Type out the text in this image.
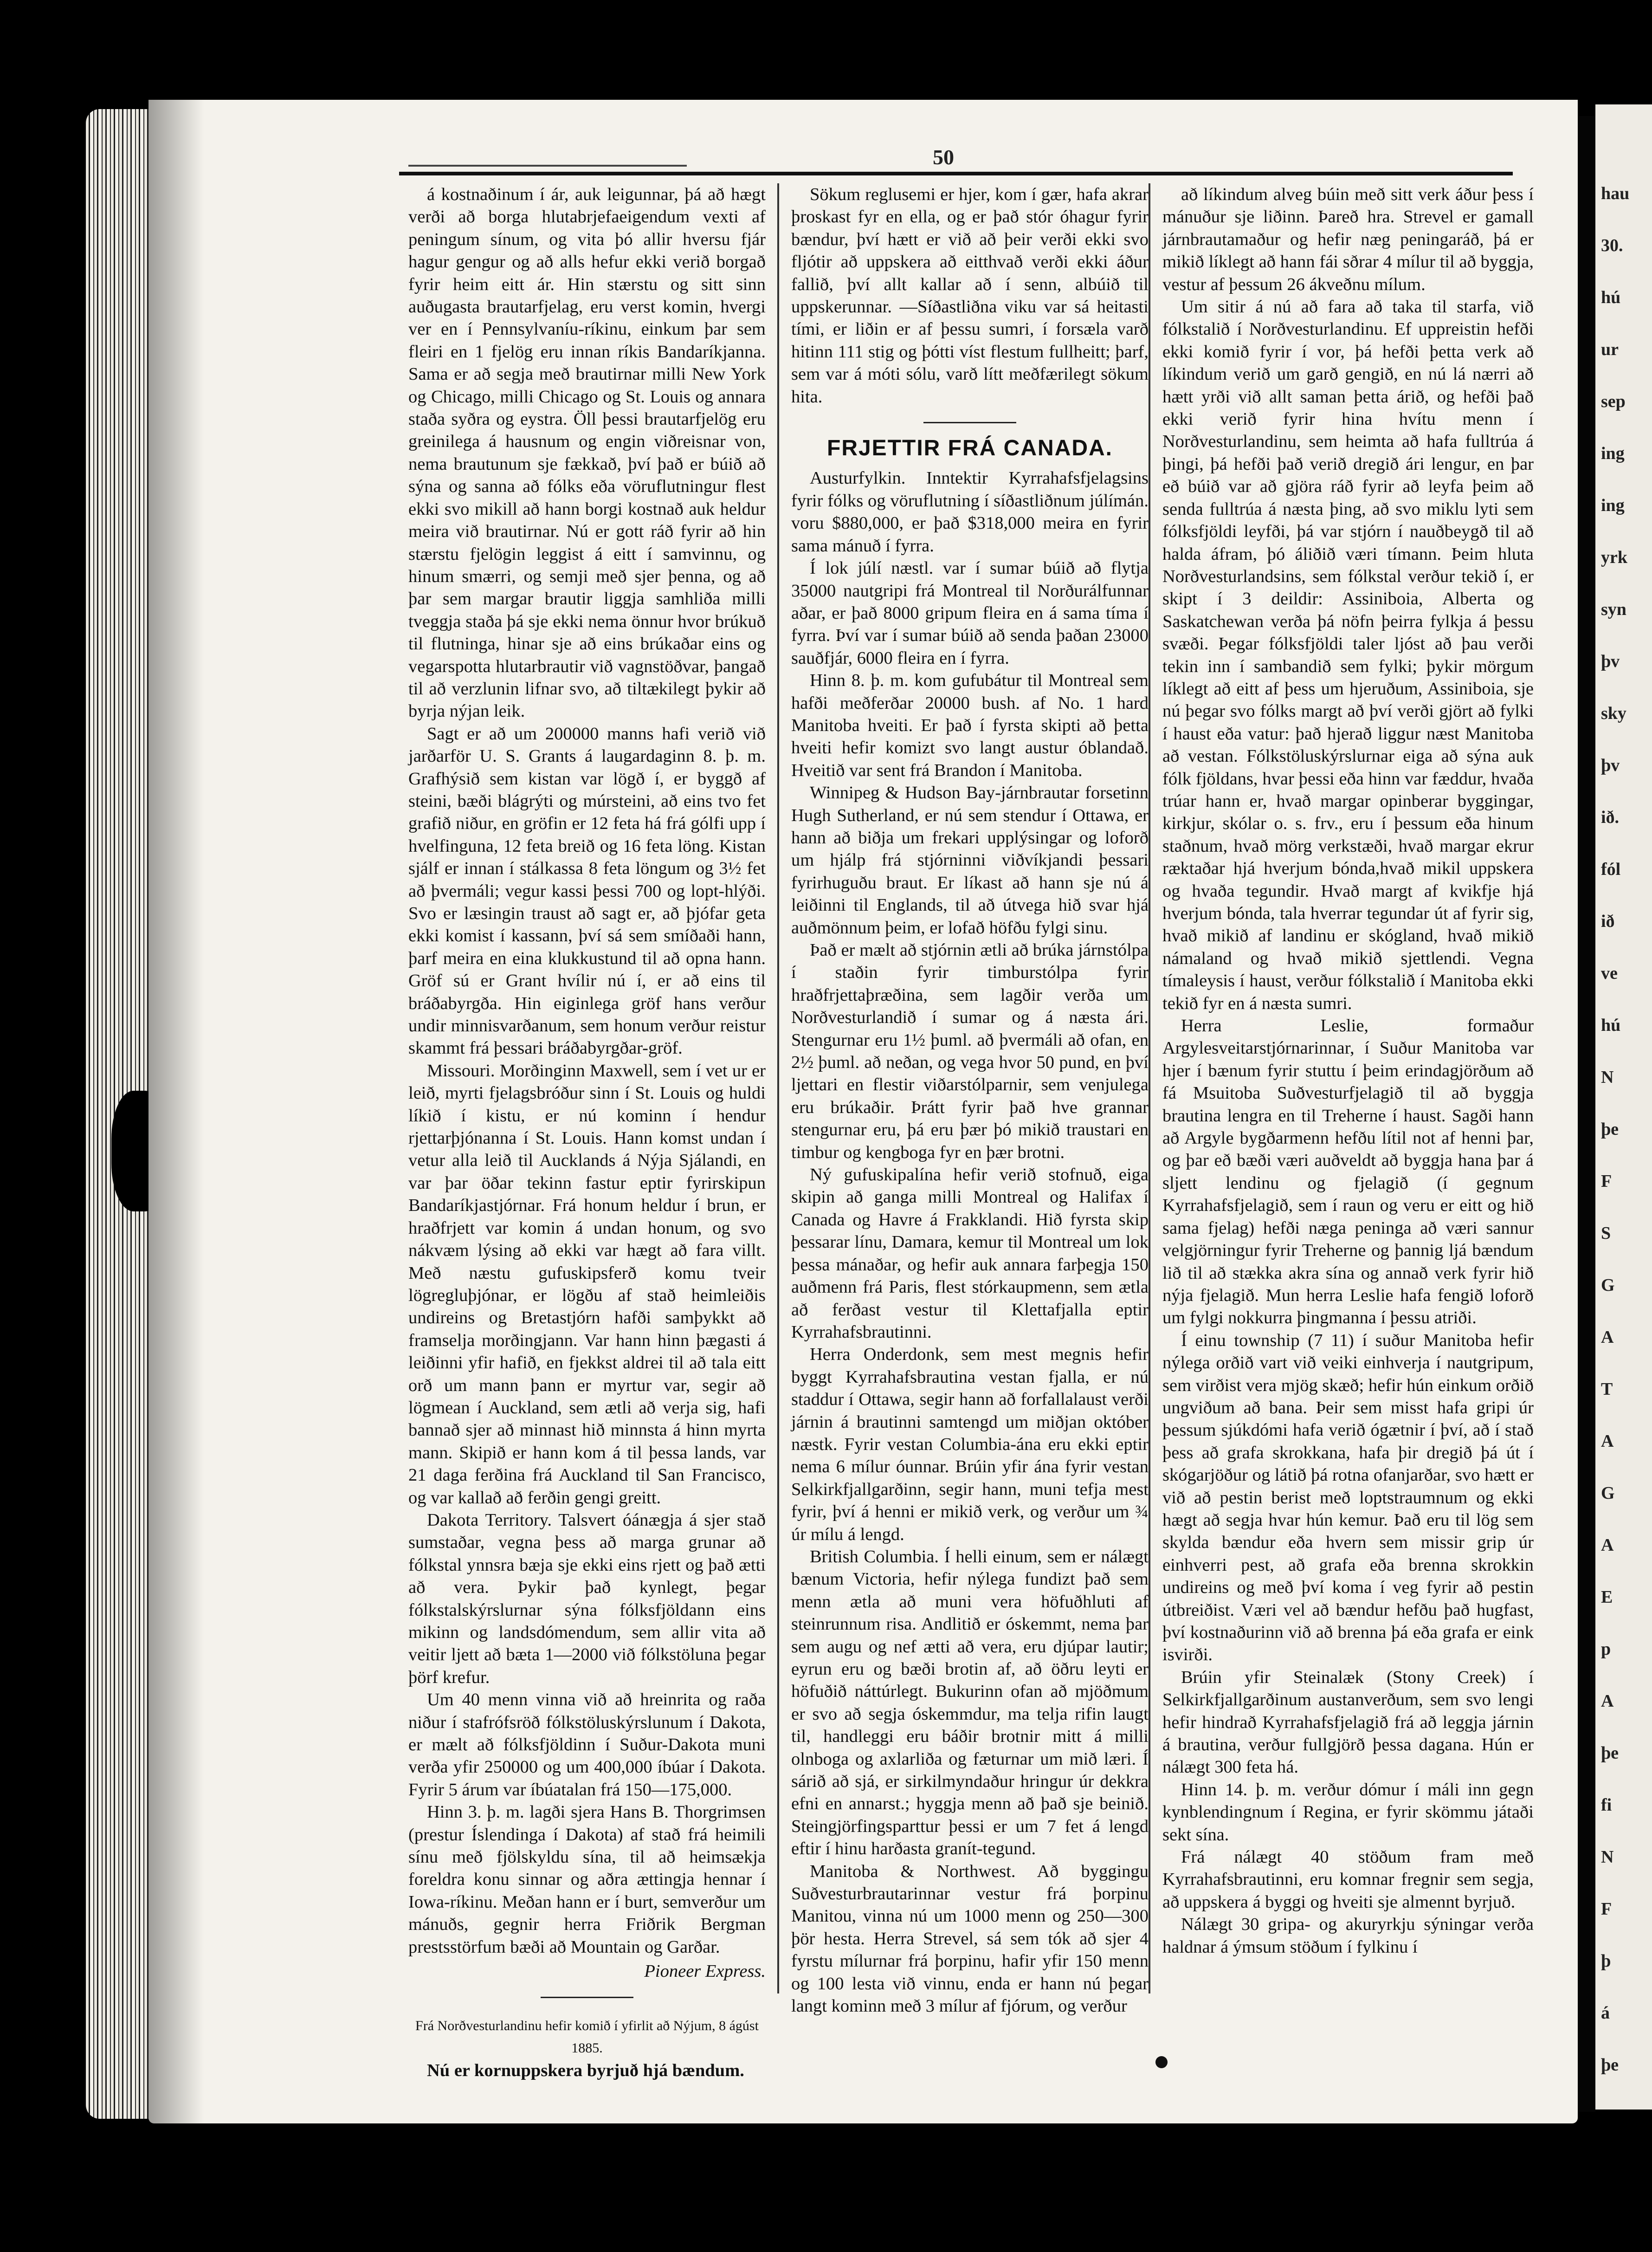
hau
30.
hú
ur
sep
ing
ing
yrk
syn
þv
sky
þv
ið.
fól
ið
ve
hú
N
þe
F
S
G
A
T
A
G
A
E
p
A
þe
fi
N
F
þ
á
þe
50

á kostnaðinum í ár, auk leigunnar, þá að hægt verði að borga hlutabrjefaeigendum vexti af peningum sínum, og vita þó allir hversu fjár hagur gengur og að alls hefur ekki verið borgað fyrir heim eitt ár. Hin stærstu og sitt sinn auðugasta brautarfjelag, eru verst komin, hvergi ver en í Pennsylvaníu-ríkinu, einkum þar sem fleiri en 1 fjelög eru innan ríkis Bandaríkjanna. Sama er að segja með brautirnar milli New York og Chicago, milli Chicago og St. Louis og annara staða syðra og eystra. Öll þessi brautarfjelög eru greinilega á hausnum og engin viðreisnar von, nema brautunum sje fækkað, því það er búið að sýna og sanna að fólks eða vöruflutningur flest ekki svo mikill að hann borgi kostnað auk heldur meira við brautirnar. Nú er gott ráð fyrir að hin stærstu fjelögin leggist á eitt í samvinnu, og hinum smærri, og semji með sjer þenna, og að þar sem margar brautir liggja samhliða milli tveggja staða þá sje ekki nema önnur hvor brúkuð til flutninga, hinar sje að eins brúkaðar eins og vegarspotta hlutarbrautir við vagnstöðvar, þangað til að verzlunin lifnar svo, að tiltækilegt þykir að byrja nýjan leik.

Sagt er að um 200000 manns hafi verið við jarðarför U. S. Grants á laugardaginn 8. þ. m. Grafhýsið sem kistan var lögð í, er byggð af steini, bæði blágrýti og múrsteini, að eins tvo fet grafið niður, en gröfin er 12 feta há frá gólfi upp í hvelfinguna, 12 feta breið og 16 feta löng. Kistan sjálf er innan í stálkassa 8 feta löngum og 3½ fet að þvermáli; vegur kassi þessi 700 og lopt-hlýði. Svo er læsingin traust að sagt er, að þjófar geta ekki komist í kassann, því sá sem smíðaði hann, þarf meira en eina klukkustund til að opna hann. Gröf sú er Grant hvílir nú í, er að eins til bráðabyrgða. Hin eiginlega gröf hans verður undir minnisvarðanum, sem honum verður reistur skammt frá þessari bráðabyrgðar-gröf.

Missouri. Morðinginn Maxwell, sem í vet ur er leið, myrti fjelagsbróður sinn í St. Louis og huldi líkið í kistu, er nú kominn í hendur rjettarþjónanna í St. Louis. Hann komst undan í vetur alla leið til Aucklands á Nýja Sjálandi, en var þar öðar tekinn fastur eptir fyrirskipun Bandaríkjastjórnar. Frá honum heldur í brun, er hraðfrjett var komin á undan honum, og svo nákvæm lýsing að ekki var hægt að fara villt. Með næstu gufuskipsferð komu tveir lögregluþjónar, er lögðu af stað heimleiðis undireins og Bretastjórn hafði samþykkt að framselja morðingjann. Var hann hinn þægasti á leiðinni yfir hafið, en fjekkst aldrei til að tala eitt orð um mann þann er myrtur var, segir að lögmean í Auckland, sem ætli að verja sig, hafi bannað sjer að minnast hið minnsta á hinn myrta mann. Skipið er hann kom á til þessa lands, var 21 daga ferðina frá Auckland til San Francisco, og var kallað að ferðin gengi greitt.

Dakota Territory. Talsvert óánægja á sjer stað sumstaðar, vegna þess að marga grunar að fólkstal ynnsra bæja sje ekki eins rjett og það ætti að vera. Þykir það kynlegt, þegar fólkstalskýrslurnar sýna fólksfjöldann eins mikinn og landsdómendum, sem allir vita að veitir ljett að bæta 1—2000 við fólkstöluna þegar þörf krefur.

Um 40 menn vinna við að hreinrita og raða niður í stafrófsröð fólkstöluskýrslunum í Dakota, er mælt að fólksfjöldinn í Suður-Dakota muni verða yfir 250000 og um 400,000 íbúar í Dakota. Fyrir 5 árum var íbúatalan frá 150—175,000.

Hinn 3. þ. m. lagði sjera Hans B. Thorgrimsen (prestur Íslendinga í Dakota) af stað frá heimili sínu með fjölskyldu sína, til að heimsækja foreldra konu sinnar og aðra ættingja hennar í Iowa-ríkinu. Meðan hann er í burt, semverður um mánuðs, gegnir herra Friðrik Bergman prestsstörfum bæði að Mountain og Garðar.

Pioneer Express.
Frá Norðvesturlandinu hefir komið í yfirlit að Nýjum, 8 ágúst 1885.

Nú er kornuppskera byrjuð hjá bændum.

Sökum reglusemi er hjer, kom í gær, hafa akrar þroskast fyr en ella, og er það stór óhagur fyrir bændur, því hætt er við að þeir verði ekki svo fljótir að uppskera að eitthvað verði ekki áður fallið, því allt kallar að í senn, albúið til uppskerunnar. —Síðastliðna viku var sá heitasti tími, er liðin er af þessu sumri, í forsæla varð hitinn 111 stig og þótti víst flestum fullheitt; þarf, sem var á móti sólu, varð lítt meðfærilegt sökum hita.

FRJETTIR FRÁ CANADA.

Austurfylkin. Inntektir Kyrrahafsfjelagsins fyrir fólks og vöruflutning í síðastliðnum júlímán. voru $880,000, er það $318,000 meira en fyrir sama mánuð í fyrra.

Í lok júlí næstl. var í sumar búið að flytja 35000 nautgripi frá Montreal til Norðurálfunnar aðar, er það 8000 gripum fleira en á sama tíma í fyrra. Því var í sumar búið að senda þaðan 23000 sauðfjár, 6000 fleira en í fyrra.

Hinn 8. þ. m. kom gufubátur til Montreal sem hafði meðferðar 20000 bush. af No. 1 hard Manitoba hveiti. Er það í fyrsta skipti að þetta hveiti hefir komizt svo langt austur óblandað. Hveitið var sent frá Brandon í Manitoba.

Winnipeg & Hudson Bay-járnbrautar forsetinn Hugh Sutherland, er nú sem stendur í Ottawa, er hann að biðja um frekari upplýsingar og loforð um hjálp frá stjórninni viðvíkjandi þessari fyrirhuguðu braut. Er líkast að hann sje nú á leiðinni til Englands, til að útvega hið svar hjá auðmönnum þeim, er lofað höfðu fylgi sinu.

Það er mælt að stjórnin ætli að brúka járnstólpa í staðin fyrir timburstólpa fyrir hraðfrjettaþræðina, sem lagðir verða um Norðvesturlandið í sumar og á næsta ári. Stengurnar eru 1½ þuml. að þvermáli að ofan, en 2½ þuml. að neðan, og vega hvor 50 pund, en því ljettari en flestir viðarstólparnir, sem venjulega eru brúkaðir. Þrátt fyrir það hve grannar stengurnar eru, þá eru þær þó mikið traustari en timbur og kengboga fyr en þær brotni.

Ný gufuskipalína hefir verið stofnuð, eiga skipin að ganga milli Montreal og Halifax í Canada og Havre á Frakklandi. Hið fyrsta skip þessarar línu, Damara, kemur til Montreal um lok þessa mánaðar, og hefir auk annara farþegja 150 auðmenn frá Paris, flest stórkaupmenn, sem ætla að ferðast vestur til Klettafjalla eptir Kyrrahafsbrautinni.

Herra Onderdonk, sem mest megnis hefir byggt Kyrrahafsbrautina vestan fjalla, er nú staddur í Ottawa, segir hann að forfallalaust verði járnin á brautinni samtengd um miðjan október næstk. Fyrir vestan Columbia-ána eru ekki eptir nema 6 mílur óunnar. Brúin yfir ána fyrir vestan Selkirkfjallgarðinn, segir hann, muni tefja mest fyrir, því á henni er mikið verk, og verður um ¾ úr mílu á lengd.

British Columbia. Í helli einum, sem er nálægt bænum Victoria, hefir nýlega fundizt það sem menn ætla að muni vera höfuðhluti af steinrunnum risa. Andlitið er óskemmt, nema þar sem augu og nef ætti að vera, eru djúpar lautir; eyrun eru og bæði brotin af, að öðru leyti er höfuðið náttúrlegt. Bukurinn ofan að mjöðmum er svo að segja óskemmdur, ma telja rifin laugt til, handleggi eru báðir brotnir mitt á milli olnboga og axlarliða og fæturnar um mið læri. Í sárið að sjá, er sirkilmyndaður hringur úr dekkra efni en annarst.; hyggja menn að það sje beinið. Steingjörfingsparttur þessi er um 7 fet á lengd eftir í hinu harðasta granít-tegund.

Manitoba & Northwest. Að byggingu Suðvesturbrautarinnar vestur frá þorpinu Manitou, vinna nú um 1000 menn og 250—300 þör hesta. Herra Strevel, sá sem tók að sjer 4 fyrstu mílurnar frá þorpinu, hafir yfir 150 menn og 100 lesta við vinnu, enda er hann nú þegar langt kominn með 3 mílur af fjórum, og verður

að líkindum alveg búin með sitt verk áður þess í mánuður sje liðinn. Þareð hra. Strevel er gamall járnbrautamaður og hefir næg peningaráð, þá er mikið líklegt að hann fái sðrar 4 mílur til að byggja, vestur af þessum 26 ákveðnu mílum.

Um sitir á nú að fara að taka til starfa, við fólkstalið í Norðvesturlandinu. Ef uppreistin hefði ekki komið fyrir í vor, þá hefði þetta verk að líkindum verið um garð gengið, en nú lá nærri að hætt yrði við allt saman þetta árið, og hefði það ekki verið fyrir hina hvítu menn í Norðvesturlandinu, sem heimta að hafa fulltrúa á þingi, þá hefði það verið dregið ári lengur, en þar eð búið var að gjöra ráð fyrir að leyfa þeim að senda fulltrúa á næsta þing, að svo miklu lyti sem fólksfjöldi leyfði, þá var stjórn í nauðbeygð til að halda áfram, þó áliðið væri tímann. Þeim hluta Norðvesturlandsins, sem fólkstal verður tekið í, er skipt í 3 deildir: Assiniboia, Alberta og Saskatchewan verða þá nöfn þeirra fylkja á þessu svæði. Þegar fólksfjöldi taler ljóst að þau verði tekin inn í sambandið sem fylki; þykir mörgum líklegt að eitt af þess um hjeruðum, Assiniboia, sje nú þegar svo fólks margt að því verði gjört að fylki í haust eða vatur: það hjerað liggur næst Manitoba að vestan. Fólkstöluskýrslurnar eiga að sýna auk fólk fjöldans, hvar þessi eða hinn var fæddur, hvaða trúar hann er, hvað margar opinberar byggingar, kirkjur, skólar o. s. frv., eru í þessum eða hinum staðnum, hvað mörg verkstæði, hvað margar ekrur ræktaðar hjá hverjum bónda,hvað mikil uppskera og hvaða tegundir. Hvað margt af kvikfje hjá hverjum bónda, tala hverrar tegundar út af fyrir sig, hvað mikið af landinu er skógland, hvað mikið námaland og hvað mikið sjettlendi. Vegna tímaleysis í haust, verður fólkstalið í Manitoba ekki tekið fyr en á næsta sumri.

Herra Leslie, formaður Argylesveitarstjórnarinnar, í Suður Manitoba var hjer í bænum fyrir stuttu í þeim erindagjörðum að fá Msuitoba Suðvesturfjelagið til að byggja brautina lengra en til Treherne í haust. Sagði hann að Argyle bygðarmenn hefðu lítil not af henni þar, og þar eð bæði væri auðveldt að byggja hana þar á sljett lendinu og fjelagið (í gegnum Kyrrahafsfjelagið, sem í raun og veru er eitt og hið sama fjelag) hefði næga peninga að væri sannur velgjörningur fyrir Treherne og þannig ljá bændum lið til að stækka akra sína og annað verk fyrir hið nýja fjelagið. Mun herra Leslie hafa fengið loforð um fylgi nokkurra þingmanna í þessu atriði.

Í einu township (7 11) í suður Manitoba hefir nýlega orðið vart við veiki einhverja í nautgripum, sem virðist vera mjög skæð; hefir hún einkum orðið ungviðum að bana. Þeir sem misst hafa gripi úr þessum sjúkdómi hafa verið ógætnir í því, að í stað þess að grafa skrokkana, hafa þir dregið þá út í skógarjöður og látið þá rotna ofanjarðar, svo hætt er við að pestin berist með loptstraumnum og ekki hægt að segja hvar hún kemur. Það eru til lög sem skylda bændur eða hvern sem missir grip úr einhverri pest, að grafa eða brenna skrokkin undireins og með því koma í veg fyrir að pestin útbreiðist. Væri vel að bændur hefðu það hugfast, því kostnaðurinn við að brenna þá eða grafa er eink isvirði.

Brúin yfir Steinalæk (Stony Creek) í Selkirkfjallgarðinum austanverðum, sem svo lengi hefir hindrað Kyrrahafsfjelagið frá að leggja járnin á brautina, verður fullgjörð þessa dagana. Hún er nálægt 300 feta há.

Hinn 14. þ. m. verður dómur í máli inn gegn kynblendingnum í Regina, er fyrir skömmu játaði sekt sína.

Frá nálægt 40 stöðum fram með Kyrrahafsbrautinni, eru komnar fregnir sem segja, að uppskera á byggi og hveiti sje almennt byrjuð.

Nálægt 30 gripa- og akuryrkju sýningar verða haldnar á ýmsum stöðum í fylkinu í
